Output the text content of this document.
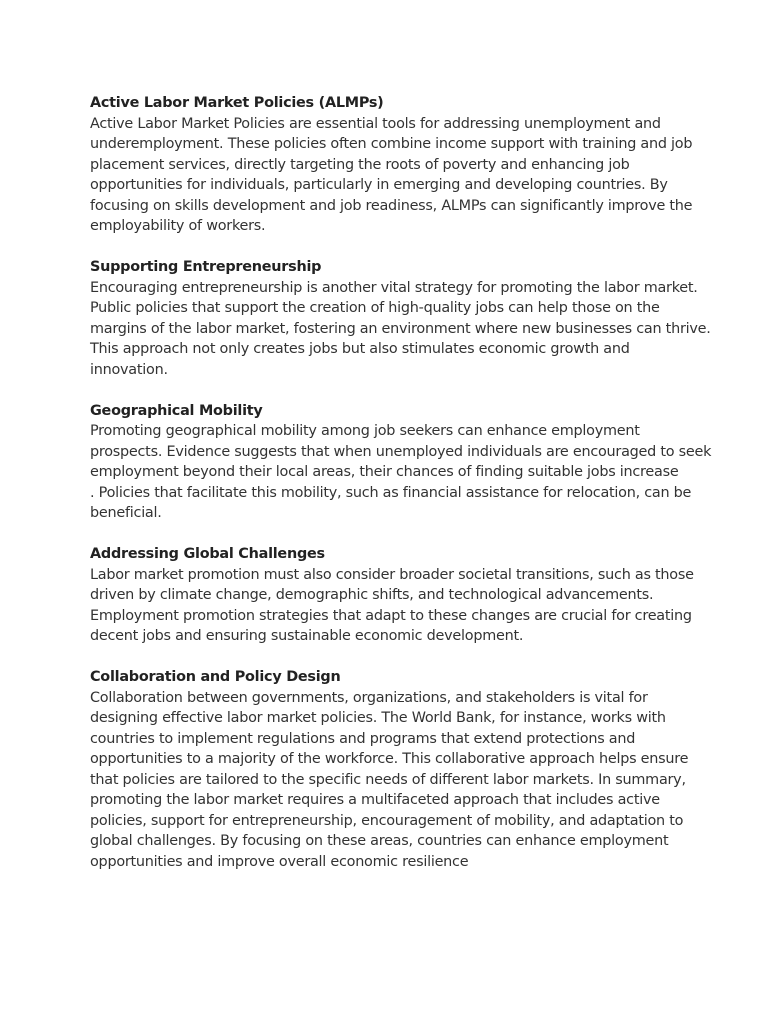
Active Labor Market Policies (ALMPs)

Active Labor Market Policies are essential tools for addressing unemployment and
underemployment. These policies often combine income support with training and job
placement services, directly targeting the roots of poverty and enhancing job
opportunities for individuals, particularly in emerging and developing countries. By
focusing on skills development and job readiness, ALMPs can significantly improve the
employability of workers.

Supporting Entrepreneurship

Encouraging entrepreneurship is another vital strategy for promoting the labor market.
Public policies that support the creation of high-quality jobs can help those on the
margins of the labor market, fostering an environment where new businesses can thrive.
This approach not only creates jobs but also stimulates economic growth and
innovation.

Geographical Mobility

Promoting geographical mobility among job seekers can enhance employment
prospects. Evidence suggests that when unemployed individuals are encouraged to seek
employment beyond their local areas, their chances of finding suitable jobs increase
. Policies that facilitate this mobility, such as financial assistance for relocation, can be
beneficial.

Addressing Global Challenges

Labor market promotion must also consider broader societal transitions, such as those
driven by climate change, demographic shifts, and technological advancements.
Employment promotion strategies that adapt to these changes are crucial for creating
decent jobs and ensuring sustainable economic development.

Collaboration and Policy Design

Collaboration between governments, organizations, and stakeholders is vital for
designing effective labor market policies. The World Bank, for instance, works with
countries to implement regulations and programs that extend protections and
opportunities to a majority of the workforce. This collaborative approach helps ensure
that policies are tailored to the specific needs of different labor markets. In summary,
promoting the labor market requires a multifaceted approach that includes active
policies, support for entrepreneurship, encouragement of mobility, and adaptation to
global challenges. By focusing on these areas, countries can enhance employment
opportunities and improve overall economic resilience
